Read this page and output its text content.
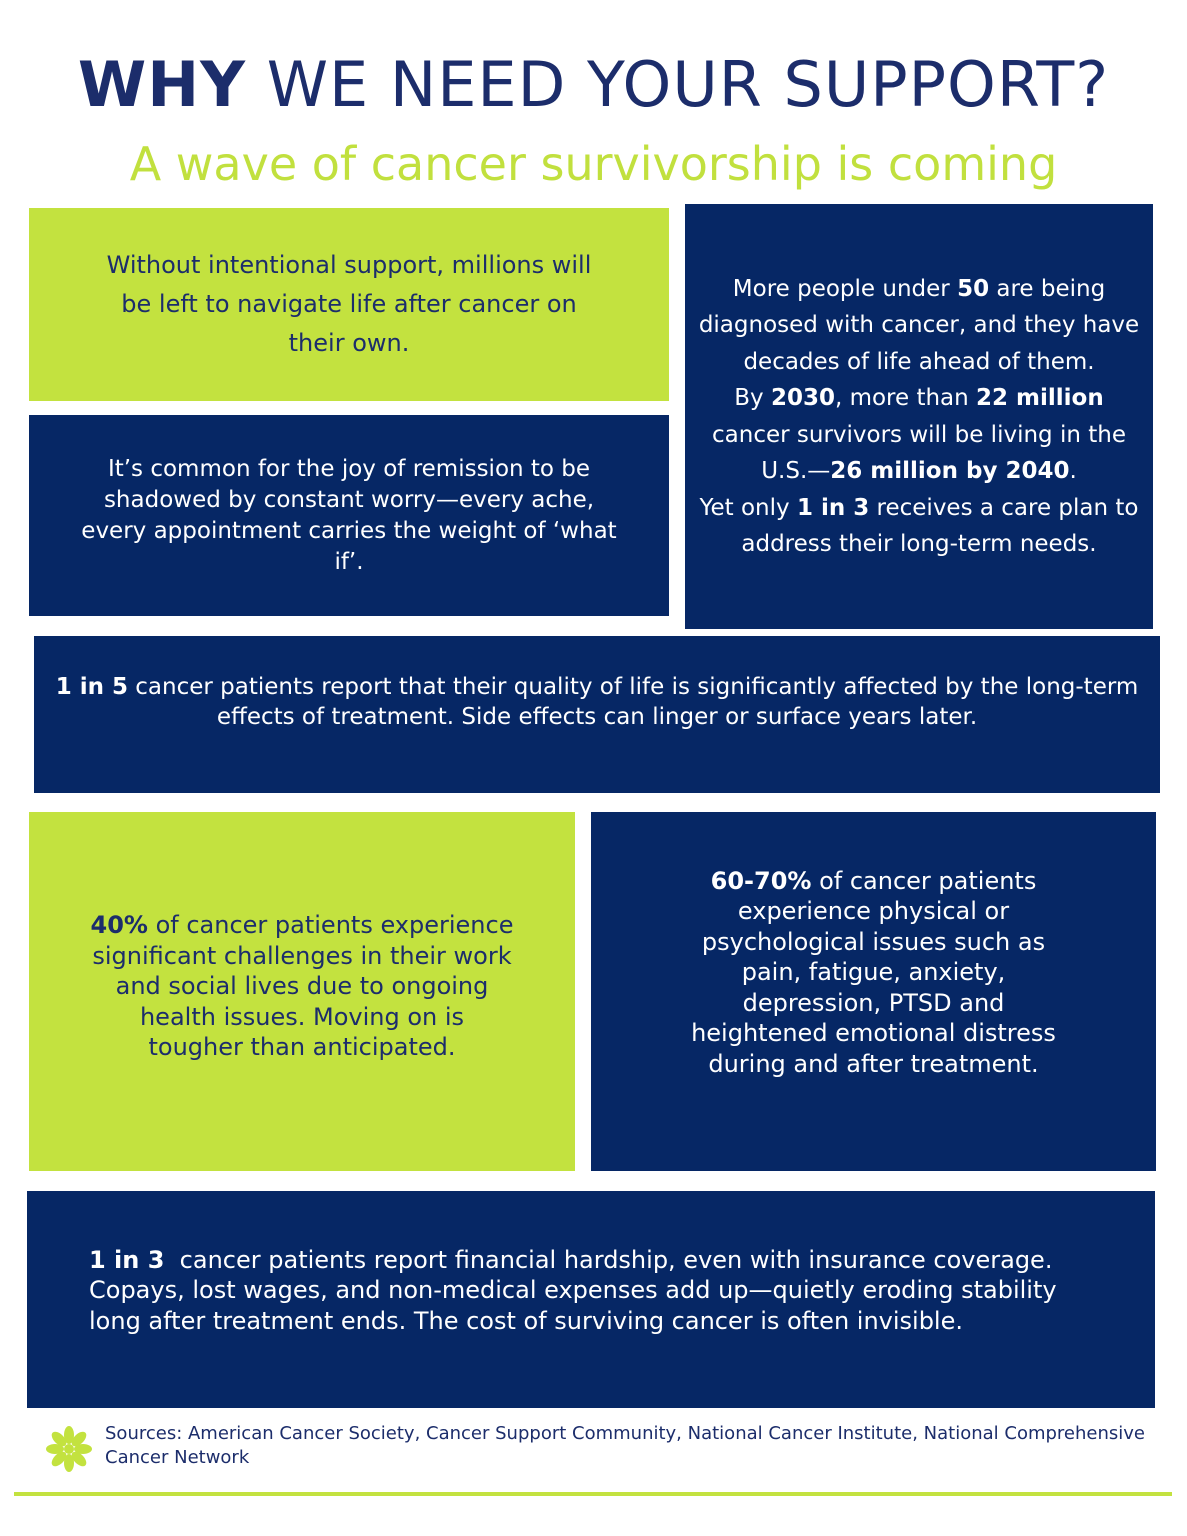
WHY WE NEED YOUR SUPPORT?
A wave of cancer survivorship is coming

Without intentional support, millions will be left to navigate life after cancer on their own.

It’s common for the joy of remission to be shadowed by constant worry—every ache, every appointment carries the weight of ‘what if’.

More people under 50 are being diagnosed with cancer, and they have decades of life ahead of them.
By 2030, more than 22 million cancer survivors will be living in the U.S.—26 million by 2040.
Yet only 1 in 3 receives a care plan to address their long-term needs.

1 in 5 cancer patients report that their quality of life is significantly affected by the long-term effects of treatment. Side effects can linger or surface years later.

40% of cancer patients experience significant challenges in their work and social lives due to ongoing health issues. Moving on is tougher than anticipated.

60-70% of cancer patients experience physical or psychological issues such as pain, fatigue, anxiety, depression, PTSD and heightened emotional distress during and after treatment.

1 in 3  cancer patients report financial hardship, even with insurance coverage.  Copays, lost wages, and non-medical expenses add up—quietly eroding stability long after treatment ends. The cost of surviving cancer is often invisible.

Sources: American Cancer Society, Cancer Support Community, National Cancer Institute, National Comprehensive Cancer Network
